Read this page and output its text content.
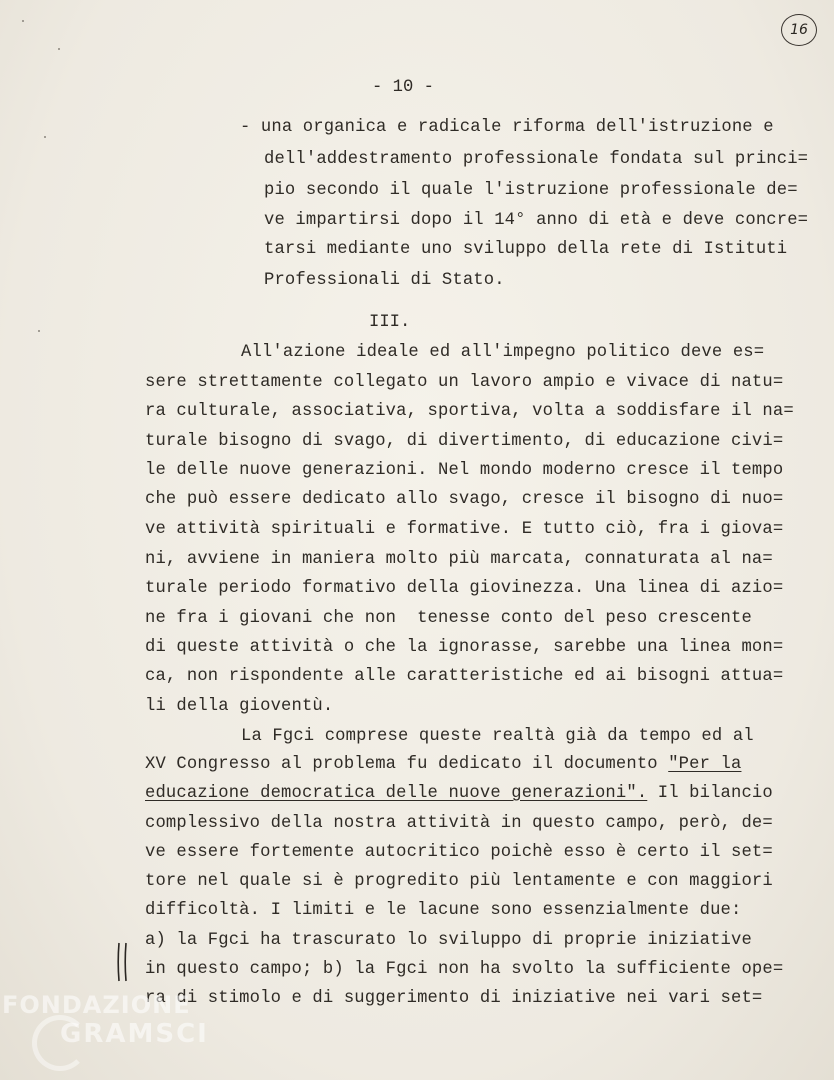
16
- 10 -
- una organica e radicale riforma dell'istruzione e
dell'addestramento professionale fondata sul princi=
pio secondo il quale l'istruzione professionale de=
ve impartirsi dopo il 14° anno di età e deve concre=
tarsi mediante uno sviluppo della rete di Istituti
Professionali di Stato.
III.
All'azione ideale ed all'impegno politico deve es=
sere strettamente collegato un lavoro ampio e vivace di natu=
ra culturale, associativa, sportiva, volta a soddisfare il na=
turale bisogno di svago, di divertimento, di educazione civi=
le delle nuove generazioni. Nel mondo moderno cresce il tempo
che può essere dedicato allo svago, cresce il bisogno di nuo=
ve attività spirituali e formative. E tutto ciò, fra i giova=
ni, avviene in maniera molto più marcata, connaturata al na=
turale periodo formativo della giovinezza. Una linea di azio=
ne fra i giovani che non  tenesse conto del peso crescente
di queste attività o che la ignorasse, sarebbe una linea mon=
ca, non rispondente alle caratteristiche ed ai bisogni attua=
li della gioventù.
La Fgci comprese queste realtà già da tempo ed al
XV Congresso al problema fu dedicato il documento "Per la
educazione democratica delle nuove generazioni". Il bilancio
complessivo della nostra attività in questo campo, però, de=
ve essere fortemente autocritico poichè esso è certo il set=
tore nel quale si è progredito più lentamente e con maggiori
difficoltà. I limiti e le lacune sono essenzialmente due:
a) la Fgci ha trascurato lo sviluppo di proprie iniziative
in questo campo; b) la Fgci non ha svolto la sufficiente ope=
ra di stimolo e di suggerimento di iniziative nei vari set=
FONDAZIONE
GRAMSCI
